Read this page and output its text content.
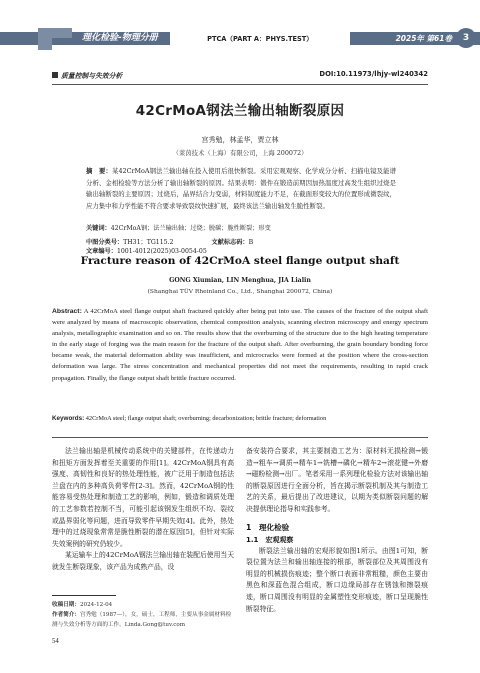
理化检验-物理分册	PTCA（PART A：PHYS.TEST）	2025年 第61卷	3
质量控制与失效分析	DOI:10.11973/lhjy-wl240342
42CrMoA钢法兰输出轴断裂原因
宫秀勉，林孟华，贾立林
（莱茵技术（上海）有限公司，上海 200072）
摘　要：某42CrMoA钢法兰输出轴在投入使用后很快断裂。采用宏观观察、化学成分分析、扫描电镜及能谱分析、金相检验等方法分析了输出轴断裂的原因。结果表明：锻件在锻造前期因加热温度过高发生组织过烧是输出轴断裂的主要原因；过烧后，晶界结合力变弱，材料韧度能力不足，在截面形变较大的位置形成微裂纹，应力集中和力学性能不符合要求导致裂纹快速扩展，最终该法兰输出轴发生脆性断裂。
关键词：42CrMoA钢；法兰输出轴；过烧；脱碳；脆性断裂；形变
中图分类号：TH31；TG115.2	文献标志码：B 文章编号：1001-4012(2025)03-0054-05
Fracture reason of 42CrMoA steel flange output shaft
GONG Xiumian, LIN Menghua, JIA Lialin
(Shanghai TÜV Rheinland Co., Ltd., Shanghai 200072, China)
Abstract: A 42CrMoA steel flange output shaft fractured quickly after being put into use. The causes of the fracture of the output shaft were analyzed by means of macroscopic observation, chemical composition analysis, scanning electron microscopy and energy spectrum analysis, metallographic examination and so on. The results show that the overburning of the structure due to the high heating temperature in the early stage of forging was the main reason for the fracture of the output shaft. After overburning, the grain boundary bonding force became weak, the material deformation ability was insufficient, and microcracks were formed at the position where the cross-section deformation was large. The stress concentration and mechanical properties did not meet the requirements, resulting in rapid crack propagation. Finally, the flange output shaft brittle fracture occurred.
Keywords: 42CrMoA steel; flange output shaft; overburning; decarbonization; brittle fracture; deformation

法兰输出轴是机械传动系统中的关键部件，在传递动力和扭矩方面发挥着至关重要的作用[1]。42CrMoA钢具有高强度、高韧性和良好的热处理性能，被广泛用于制造包括法兰盘在内的多种高负荷零件[2-3]。然而，42CrMoA钢的性能容易受热处理和制造工艺的影响，例如，锻造和调质处理的工艺参数若控制不当，可能引起该钢发生组织不均、裂纹或晶界弱化等问题，进而导致零件早期失效[4]。此外，热处理中的过烧现象常常是脆性断裂的潜在原因[5]，但针对实际失效案例的研究仍较少。

某运输车上的42CrMoA钢法兰输出轴在装配后使用当天就发生断裂现象，该产品为成熟产品，设

备安装符合要求，其主要制造工艺为：原材料无损检测→锻造→粗车→调质→精车1→铣槽→磷化→精车2→滚花键→外磨→磁粉检测→出厂。笔者采用一系列理化检验方法对该输出轴的断裂原因进行全面分析，旨在揭示断裂机制及其与制造工艺的关系，最后提出了改进建议，以期为类似断裂问题的解决提供理论指导和实践参考。

1　理化检验
1.1　宏观观察

断裂法兰输出轴的宏观形貌如图1所示。由图1可知，断裂位置为法兰和输出轴连接的根部，断裂部位及其周围没有明显的机械损伤痕迹；整个断口表面非常粗糙，颜色主要由黑色和深蓝色混合组成，断口边缘局部存在锈蚀和擦裂痕迹，断口周围没有明显的金属塑性变形痕迹，断口呈现脆性断裂特征。

收稿日期：2024-12-04
作者简介：宫秀勉（1987—），女，硕士，工程师，主要从事金属材料检测与失效分析等方面的工作，Linda.Gong@tuv.com
54
